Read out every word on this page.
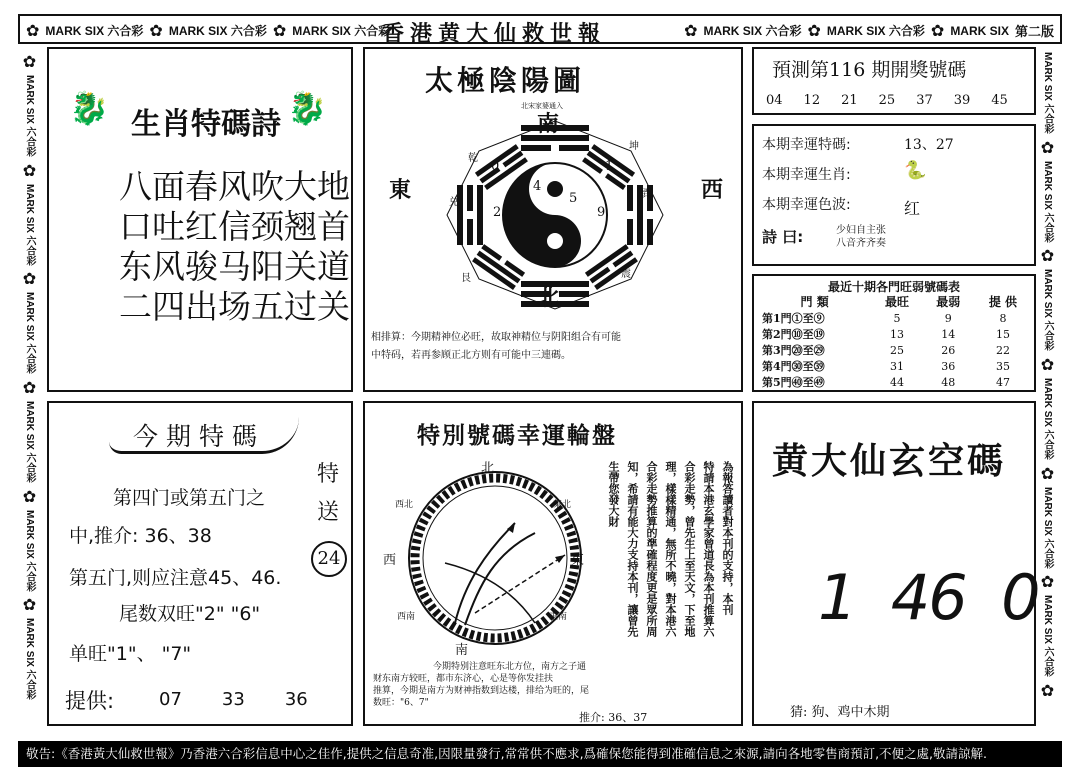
✿ MARK SIX 六合彩 ✿ MARK SIX 六合彩 ✿ MARK SIX 六合彩
香港黄大仙救世報	✿ MARK SIX 六合彩 ✿ MARK SIX 六合彩 ✿ MARK SIX 第二版
✿
MARK SIX 六合彩
✿
MARK SIX 六合彩
✿
MARK SIX 六合彩
✿
MARK SIX 六合彩
✿
MARK SIX 六合彩
✿
MARK SIX 六合彩
MARK SIX 六合彩
✿
MARK SIX 六合彩
✿
MARK SIX 六合彩
✿
MARK SIX 六合彩
✿
MARK SIX 六合彩
✿
MARK SIX 六合彩
✿
🐉 生肖特碼詩 🐉
八面春风吹大地
口吐红信颈翘首
东风骏马阳关道
二四出场五过关
太極陰陽圖
北宋家婆通入
南
北
東	西
乾
坤
兑
巽
艮	震
0	1
4
5
2	9
相排算：今期精神位必旺，故取神精位与阴阳组合有可能
中特码，若再参顾正北方则有可能中三連碼。
預測第116 期開獎號碼
04 12 21 25 37 39 45
本期幸運特碼:	13、27
本期幸運生肖:	🐍
本期幸運色波:	红
詩 曰:	少妇自主张
八音齐齐奏
最近十期各門旺弱號碼表
門 類	最旺	最弱	提 供
第1門①至⑨	5	9	8
第2門⑩至⑲	13	14	15
第3門⑳至㉙	25	26	22
第4門㉚至㊴	31	36	35
第5門㊵至㊾	44	48	47
今期特碼
特
送
24
第四门或第五门之
中,推介: 36、38
第五门,则应注意45、46.
尾数双旺"2" "6"
单旺"1"、 "7"
提供: 07 33 36
特別號碼幸運輪盤
北
南
東
西
西北	東北
西南	東南
為報答讀者對本刊的支持，本刊
特請本港玄學家曾道長為本刊推算六
合彩走勢，曾先生上至天文，下至地
理，樣樣精通，無所不曉，對本港六
合彩走勢推算的準確程度更是眾所周
知，希請有能大力支持本刊，讓曾先
生帶您發大財
今期特别注意旺东北方位，南方之子通
财东南方较旺，都市东济心，心是等你发挂扶
推算，今期是南方为财神指数到达楼，排给为旺的，尾
数旺："6、7"
推介: 36、37
黄大仙玄空碼
1  46  0
猜: 狗、鸡中木期
敬告:《香港黃大仙救世報》乃香港六合彩信息中心之佳作,提供之信息奇准,因限量發行,常常供不應求,爲確保您能得到准確信息之來源,請向各地零售商預訂,不便之處,敬請諒解.
